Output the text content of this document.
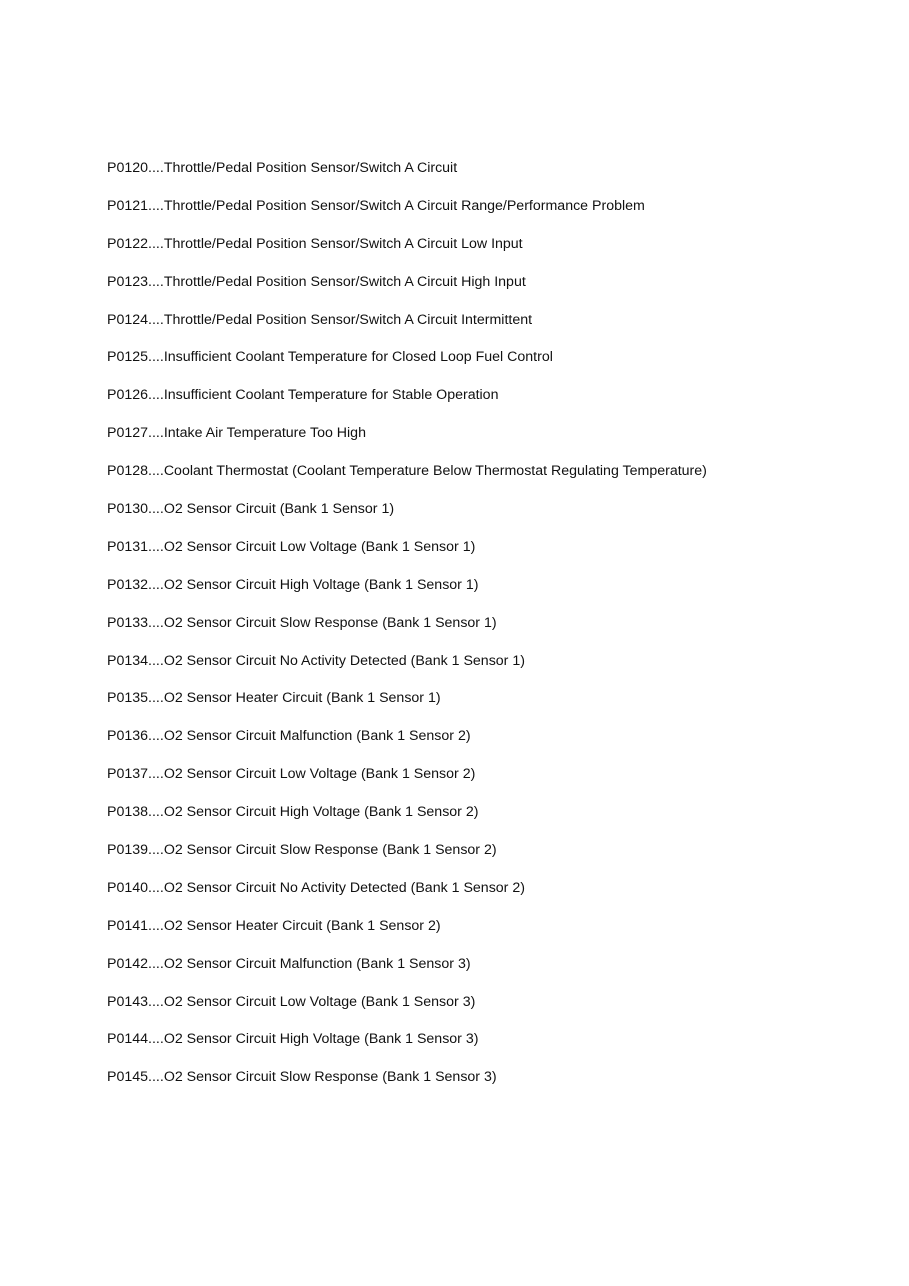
P0120....Throttle/Pedal Position Sensor/Switch A Circuit
P0121....Throttle/Pedal Position Sensor/Switch A Circuit Range/Performance Problem
P0122....Throttle/Pedal Position Sensor/Switch A Circuit Low Input
P0123....Throttle/Pedal Position Sensor/Switch A Circuit High Input
P0124....Throttle/Pedal Position Sensor/Switch A Circuit Intermittent
P0125....Insufficient Coolant Temperature for Closed Loop Fuel Control
P0126....Insufficient Coolant Temperature for Stable Operation
P0127....Intake Air Temperature Too High
P0128....Coolant Thermostat (Coolant Temperature Below Thermostat Regulating Temperature)
P0130....O2 Sensor Circuit (Bank 1 Sensor 1)
P0131....O2 Sensor Circuit Low Voltage (Bank 1 Sensor 1)
P0132....O2 Sensor Circuit High Voltage (Bank 1 Sensor 1)
P0133....O2 Sensor Circuit Slow Response (Bank 1 Sensor 1)
P0134....O2 Sensor Circuit No Activity Detected (Bank 1 Sensor 1)
P0135....O2 Sensor Heater Circuit (Bank 1 Sensor 1)
P0136....O2 Sensor Circuit Malfunction (Bank 1 Sensor 2)
P0137....O2 Sensor Circuit Low Voltage (Bank 1 Sensor 2)
P0138....O2 Sensor Circuit High Voltage (Bank 1 Sensor 2)
P0139....O2 Sensor Circuit Slow Response (Bank 1 Sensor 2)
P0140....O2 Sensor Circuit No Activity Detected (Bank 1 Sensor 2)
P0141....O2 Sensor Heater Circuit (Bank 1 Sensor 2)
P0142....O2 Sensor Circuit Malfunction (Bank 1 Sensor 3)
P0143....O2 Sensor Circuit Low Voltage (Bank 1 Sensor 3)
P0144....O2 Sensor Circuit High Voltage (Bank 1 Sensor 3)
P0145....O2 Sensor Circuit Slow Response (Bank 1 Sensor 3)
